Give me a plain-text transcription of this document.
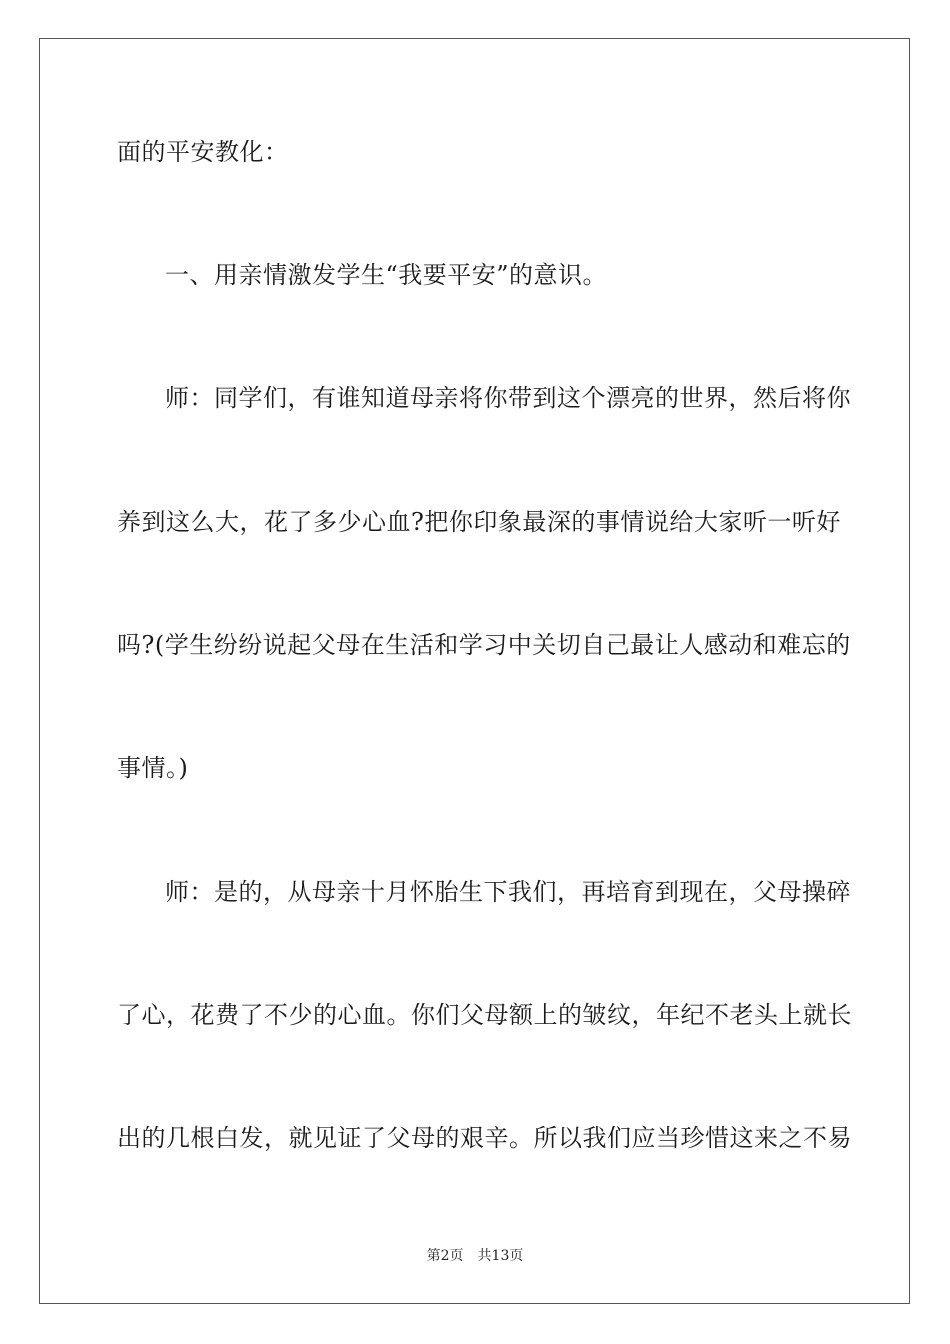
面的平安教化：
一、用亲情激发学生“我要平安”的意识。
师：同学们，有谁知道母亲将你带到这个漂亮的世界，然后将你
养到这么大，花了多少心血?把你印象最深的事情说给大家听一听好
吗?(学生纷纷说起父母在生活和学习中关切自己最让人感动和难忘的
事情。)
师：是的，从母亲十月怀胎生下我们，再培育到现在，父母操碎
了心，花费了不少的心血。你们父母额上的皱纹，年纪不老头上就长
出的几根白发，就见证了父母的艰辛。所以我们应当珍惜这来之不易
第2页 共13页
